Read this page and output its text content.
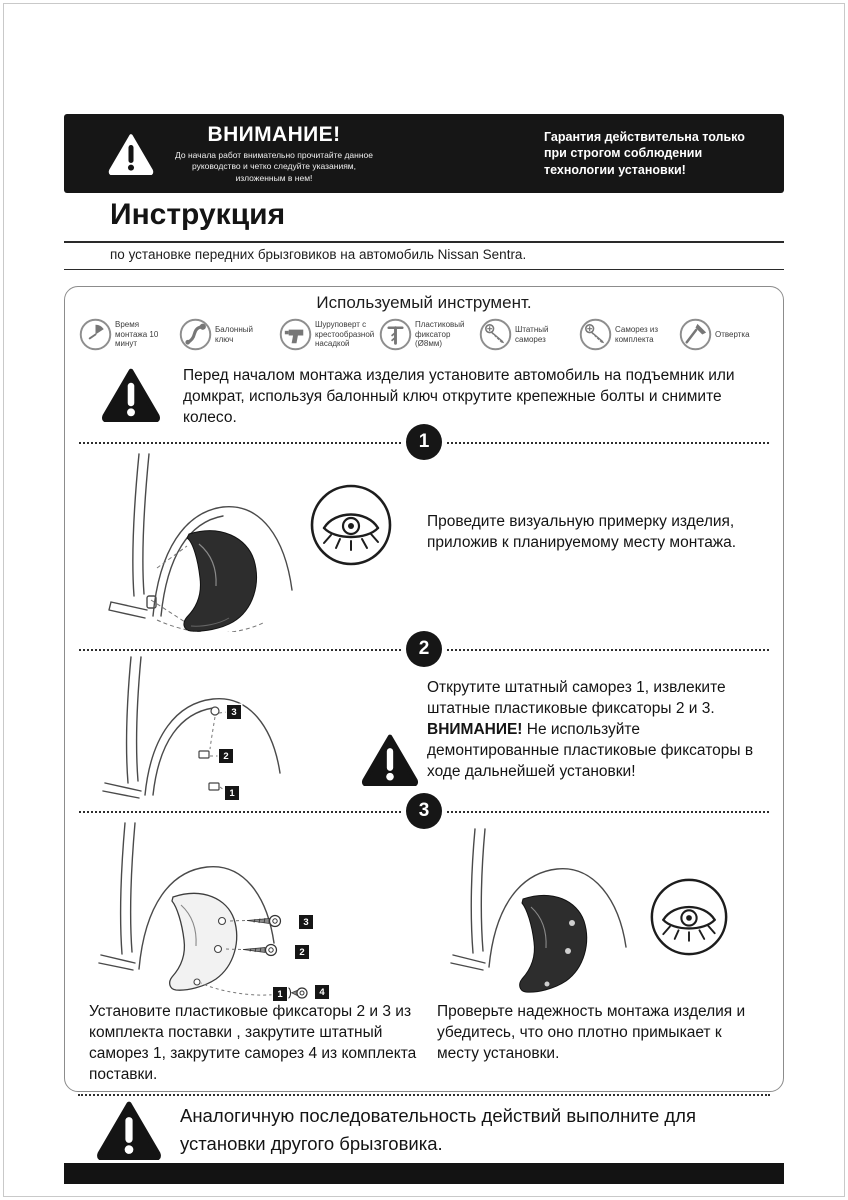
ВНИМАНИЕ!
До начала работ внимательно прочитайте данное руководство и четко следуйте указаниям, изложенным в нем!
Гарантия действительна только при строгом соблюдении технологии установки!
Инструкция
по установке передних брызговиков на автомобиль Nissan Sentra.
Используемый инструмент.
Время монтажа 10 минут
Балонный ключ
Шуруповерт с крестообразной насадкой
Пластиковый фиксатор (Ø8мм)
Штатный саморез
Саморез из комплекта
Отвертка

Перед началом монтажа изделия установите автомобиль на подъемник или домкрат, используя балонный ключ открутите крепежные болты и снимите колесо.

1

Проведите визуальную примерку изделия, приложив к планируемому месту монтажа.

2
3
2
1

Открутите штатный саморез 1, извлеките штатные пластиковые фиксаторы 2 и 3. ВНИМАНИЕ! Не используйте демонтированные пластиковые фиксаторы в ходе дальнейшей установки!

3
3
2
1	4

Установите пластиковые фиксаторы 2 и 3 из комплекта поставки , закрутите штатный саморез 1, закрутите саморез 4 из комплекта поставки.

Проверьте надежность монтажа изделия и убедитесь, что оно плотно примыкает к месту установки.

Аналогичную последовательность действий выполните для установки другого брызговика.
